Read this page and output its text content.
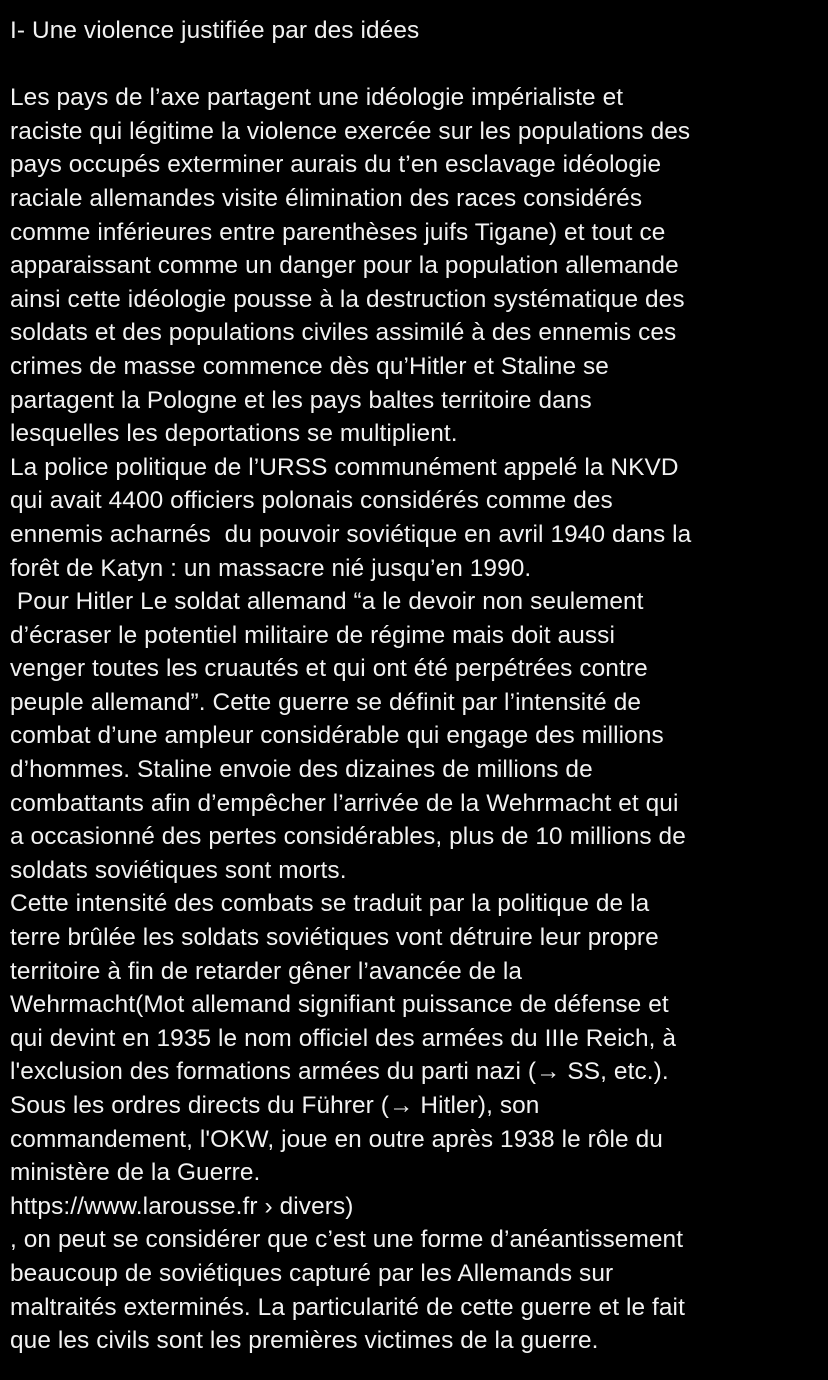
I- Une violence justifiée par des idées
Les pays de l’axe partagent une idéologie impérialiste et
raciste qui légitime la violence exercée sur les populations des
pays occupés exterminer aurais du t’en esclavage idéologie
raciale allemandes visite élimination des races considérés
comme inférieures entre parenthèses juifs Tigane) et tout ce
apparaissant comme un danger pour la population allemande
ainsi cette idéologie pousse à la destruction systématique des
soldats et des populations civiles assimilé à des ennemis ces
crimes de masse commence dès qu’Hitler et Staline se
partagent la Pologne et les pays baltes territoire dans
lesquelles les deportations se multiplient.
La police politique de l’URSS communément appelé la NKVD
qui avait 4400 officiers polonais considérés comme des
ennemis acharnés  du pouvoir soviétique en avril 1940 dans la
forêt de Katyn : un massacre nié jusqu’en 1990.
Pour Hitler Le soldat allemand “a le devoir non seulement
d’écraser le potentiel militaire de régime mais doit aussi
venger toutes les cruautés et qui ont été perpétrées contre
peuple allemand”. Cette guerre se définit par l’intensité de
combat d’une ampleur considérable qui engage des millions
d’hommes. Staline envoie des dizaines de millions de
combattants afin d’empêcher l’arrivée de la Wehrmacht et qui
a occasionné des pertes considérables, plus de 10 millions de
soldats soviétiques sont morts.
Cette intensité des combats se traduit par la politique de la
terre brûlée les soldats soviétiques vont détruire leur propre
territoire à fin de retarder gêner l’avancée de la
Wehrmacht(Mot allemand signifiant puissance de défense et
qui devint en 1935 le nom officiel des armées du IIIe Reich, à
l'exclusion des formations armées du parti nazi (→ SS, etc.).
Sous les ordres directs du Führer (→ Hitler), son
commandement, l'OKW, joue en outre après 1938 le rôle du
ministère de la Guerre.
https://www.larousse.fr › divers)
, on peut se considérer que c’est une forme d’anéantissement
beaucoup de soviétiques capturé par les Allemands sur
maltraités exterminés. La particularité de cette guerre et le fait
que les civils sont les premières victimes de la guerre.
